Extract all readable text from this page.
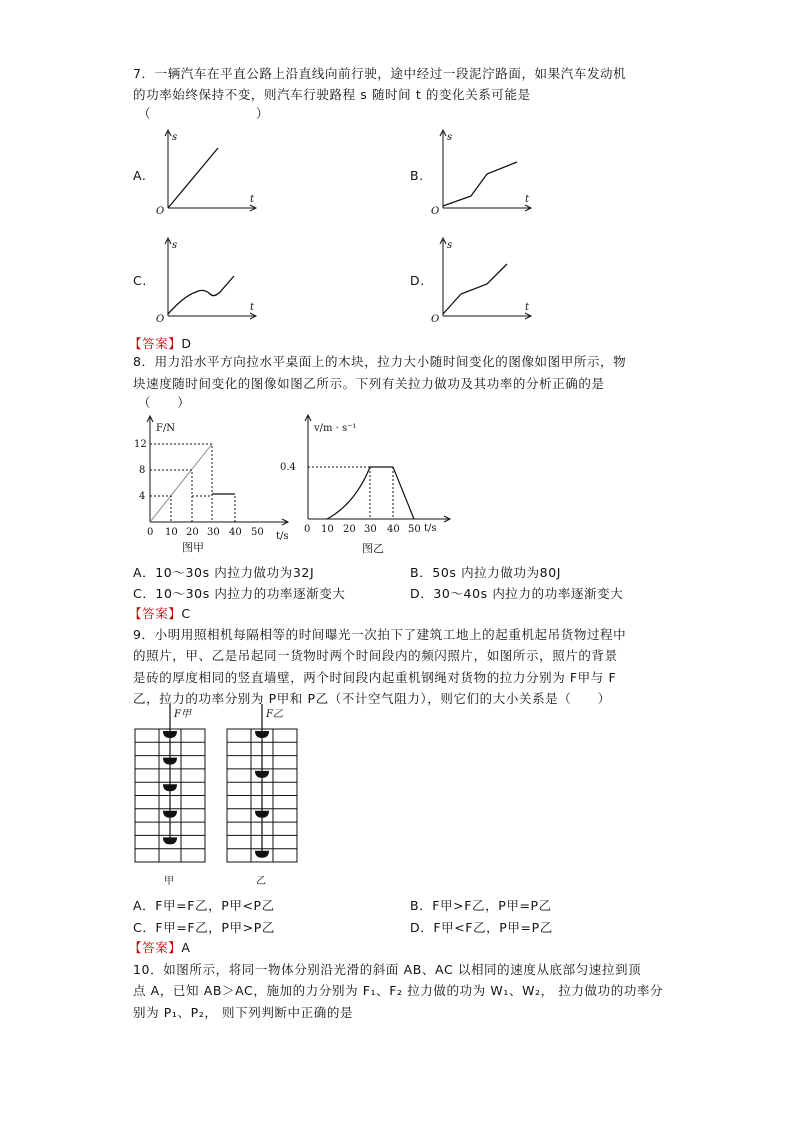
7．一辆汽车在平直公路上沿直线向前行驶，途中经过一段泥泞路面，如果汽车发动机
的功率始终保持不变，则汽车行驶路程 s 随时间 t 的变化关系可能是
（　　　　　　　　）
A.	B.
C.	D.
s
t
O
s
t
O
s
t
O
s
t
O
【答案】D
8．用力沿水平方向拉水平桌面上的木块，拉力大小随时间变化的图像如图甲所示，物
块速度随时间变化的图像如图乙所示。下列有关拉力做功及其功率的分析正确的是
（　　）
F/N
12
8
4
0 10 20 30 40 50 t/s
图甲
v/m · s⁻¹
0.4
0 10 20 30 40 50 t/s
图乙
A．10～30s 内拉力做功为32J	B．50s 内拉力做功为80J
C．10～30s 内拉力的功率逐渐变大	D．30～40s 内拉力的功率逐渐变大
【答案】C
9．小明用照相机每隔相等的时间曝光一次拍下了建筑工地上的起重机起吊货物过程中
的照片，甲、乙是吊起同一货物时两个时间段内的频闪照片，如图所示，照片的背景
是砖的厚度相同的竖直墙壁，两个时间段内起重机钢绳对货物的拉力分别为 F甲与 F
乙，拉力的功率分别为 P甲和 P乙（不计空气阻力），则它们的大小关系是（　　）
F甲
甲
F乙
乙
A．F甲=F乙，P甲<P乙	B．F甲>F乙，P甲=P乙
C．F甲=F乙，P甲>P乙	D．F甲<F乙，P甲=P乙
【答案】A
10．如图所示，将同一物体分别沿光滑的斜面 AB、AC 以相同的速度从底部匀速拉到顶
点 A，已知 AB＞AC，施加的力分别为 F₁、F₂ 拉力做的功为 W₁、W₂， 拉力做功的功率分
别为 P₁、P₂， 则下列判断中正确的是
